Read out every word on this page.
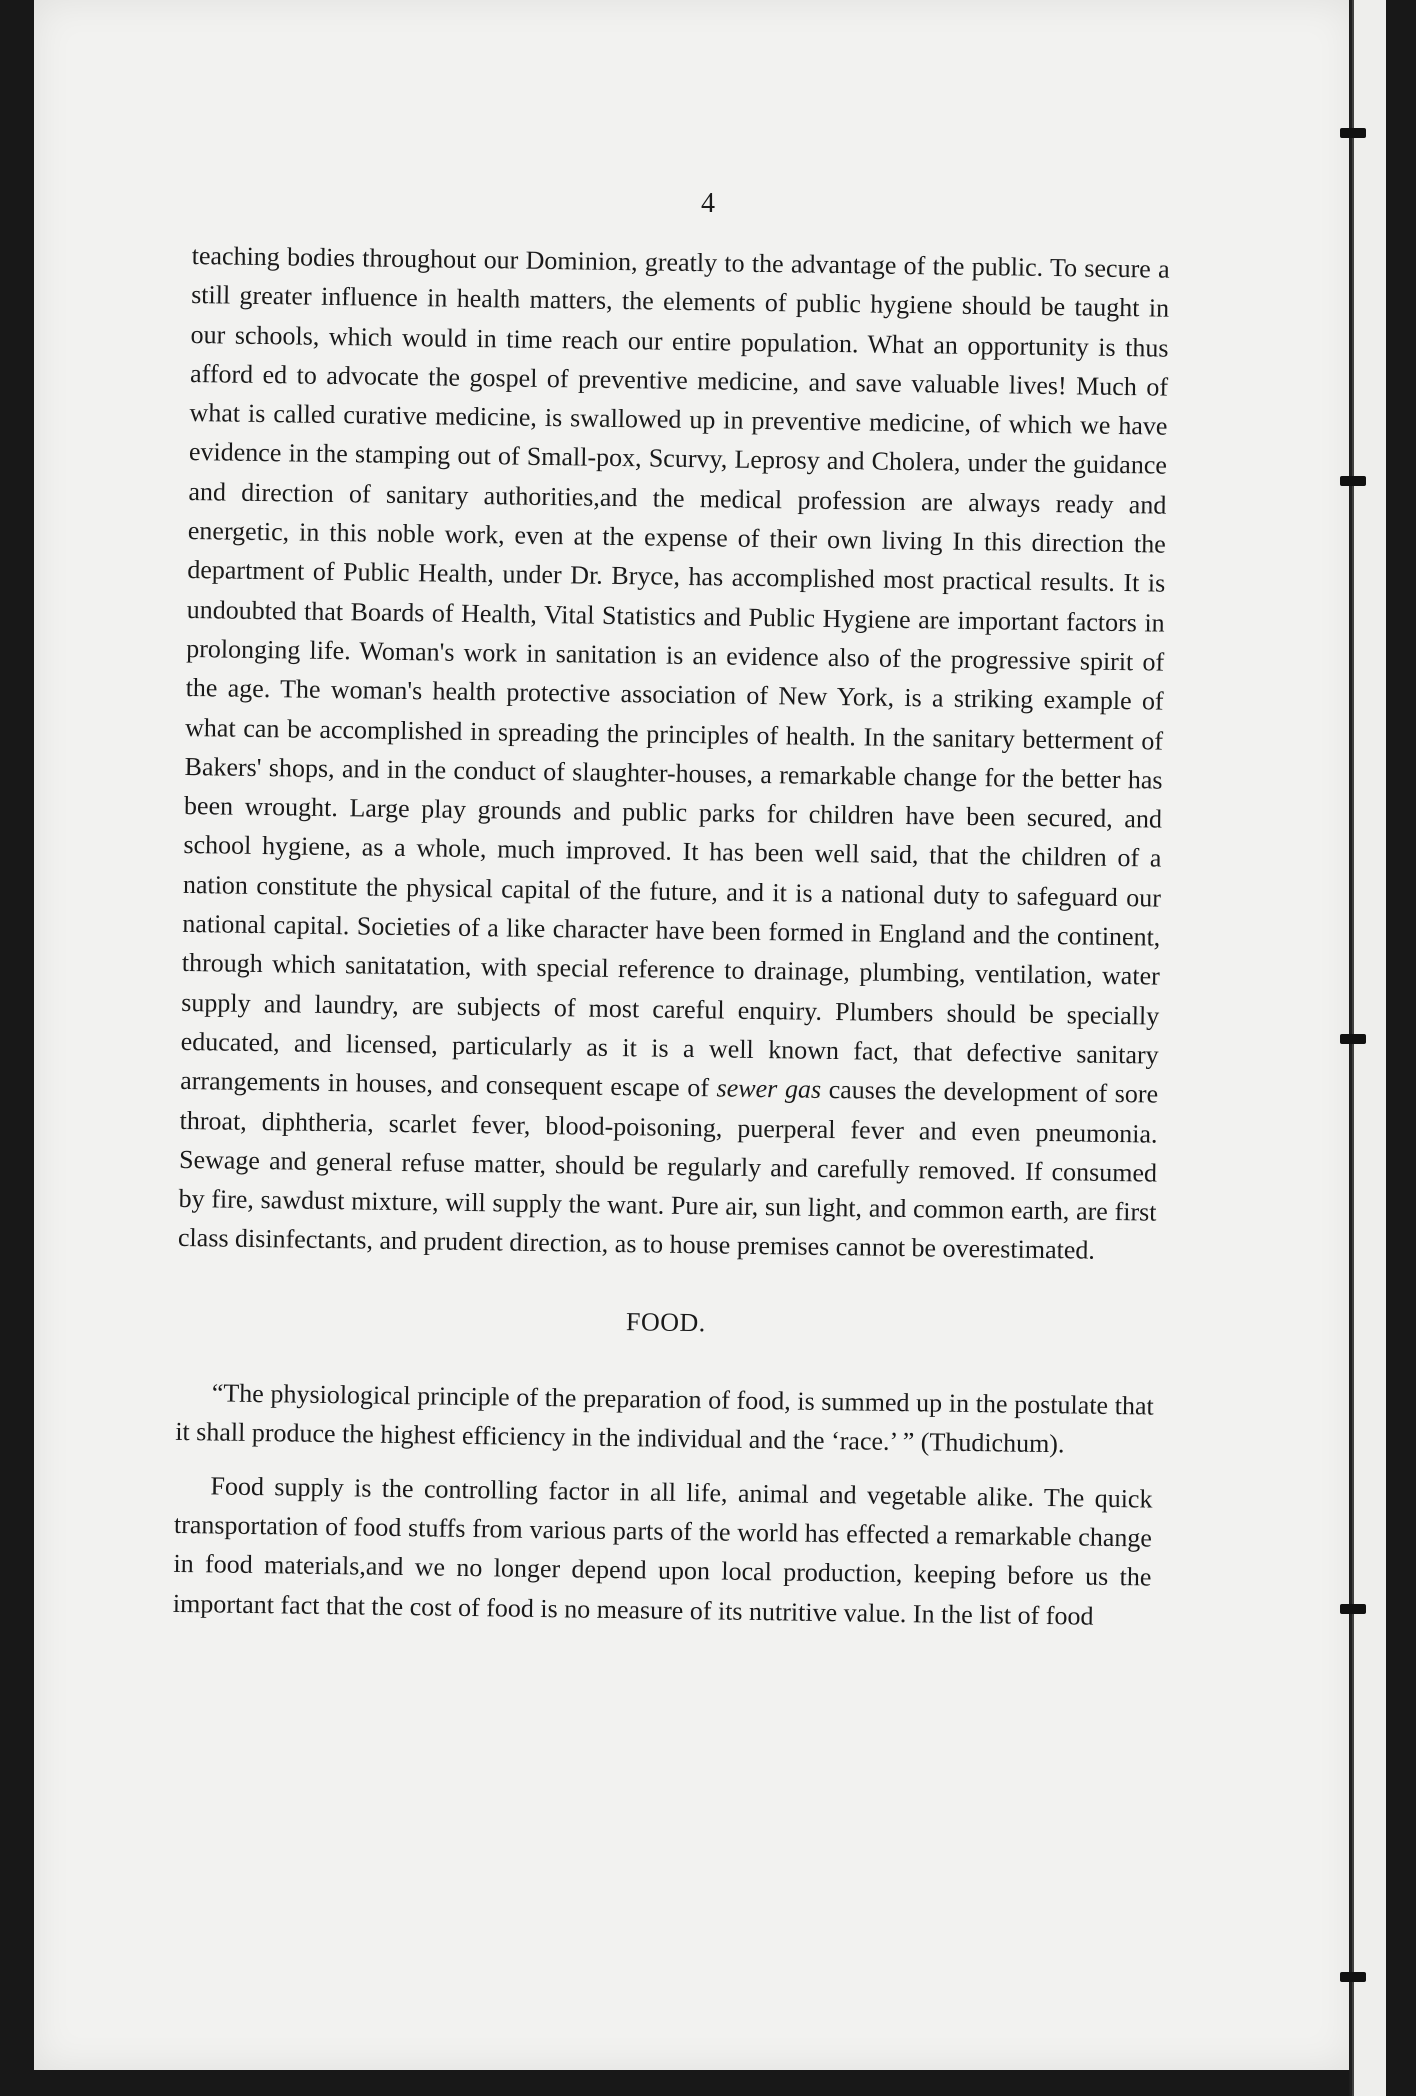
4

teaching bodies throughout our Dominion, greatly to the advantage of the public. To secure a still greater influence in health matters, the elements of public hygiene should be taught in our schools, which would in time reach our entire population. What an opportunity is thus afford ed to advocate the gospel of preventive medicine, and save valuable lives! Much of what is called curative medicine, is swallowed up in preventive medicine, of which we have evidence in the stamping out of Small-pox, Scurvy, Leprosy and Cholera, under the guidance and direction of sanitary authorities,and the medical profession are always ready and energetic, in this noble work, even at the expense of their own living In this direction the department of Public Health, under Dr. Bryce, has accomplished most practical results. It is undoubted that Boards of Health, Vital Statistics and Public Hygiene are important factors in prolonging life. Woman's work in sanitation is an evidence also of the progressive spirit of the age. The woman's health protective association of New York, is a striking example of what can be accomplished in spreading the principles of health. In the sanitary betterment of Bakers' shops, and in the conduct of slaughter-houses, a remarkable change for the better has been wrought. Large play grounds and public parks for children have been secured, and school hygiene, as a whole, much improved. It has been well said, that the children of a nation constitute the physical capital of the future, and it is a national duty to safeguard our national capital. Societies of a like character have been formed in England and the continent, through which sanitatation, with special reference to drainage, plumbing, ventilation, water supply and laundry, are subjects of most careful enquiry. Plumbers should be specially educated, and licensed, particularly as it is a well known fact, that defective sanitary arrangements in houses, and consequent escape of sewer gas causes the development of sore throat, diphtheria, scarlet fever, blood-poisoning, puerperal fever and even pneumonia. Sewage and general refuse matter, should be regularly and carefully removed. If consumed by fire, sawdust mixture, will supply the want. Pure air, sun light, and common earth, are first class disinfectants, and prudent direction, as to house premises cannot be overestimated.

FOOD.

“The physiological principle of the preparation of food, is summed up in the postulate that it shall produce the highest efficiency in the individual and the ‘race.’ ” (Thudichum).

Food supply is the controlling factor in all life, animal and vegetable alike. The quick transportation of food stuffs from various parts of the world has effected a remarkable change in food materials,and we no longer depend upon local production, keeping before us the important fact that the cost of food is no measure of its nutritive value. In the list of food
